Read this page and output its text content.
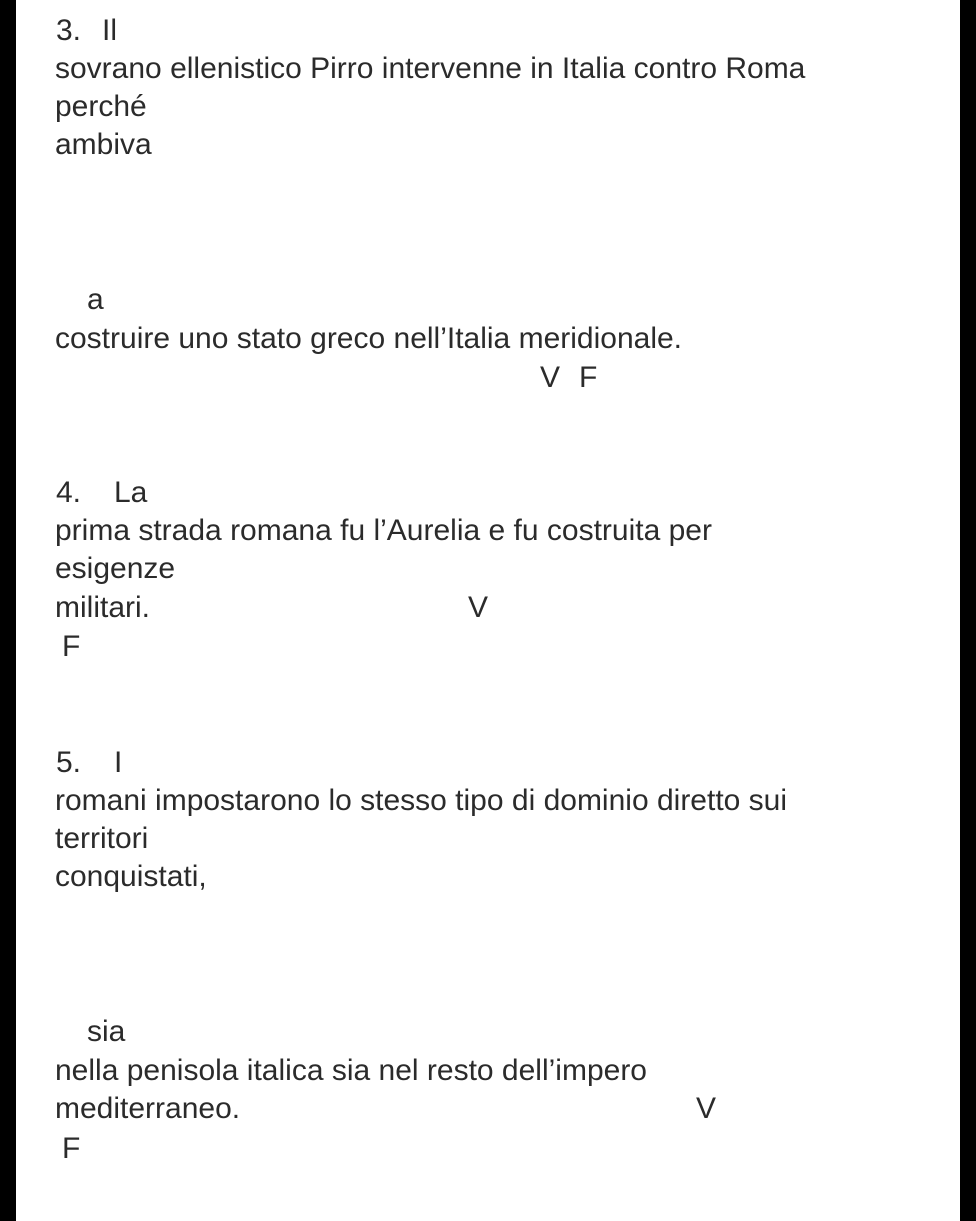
3. Il
sovrano ellenistico Pirro intervenne in Italia contro Roma
perché
ambiva
a
costruire uno stato greco nell’Italia meridionale.
V F
4. La
prima strada romana fu l’Aurelia e fu costruita per
esigenze
militari.	V
F
5. I
romani impostarono lo stesso tipo di dominio diretto sui
territori
conquistati,
sia
nella penisola italica sia nel resto dell’impero
mediterraneo.	V
F
